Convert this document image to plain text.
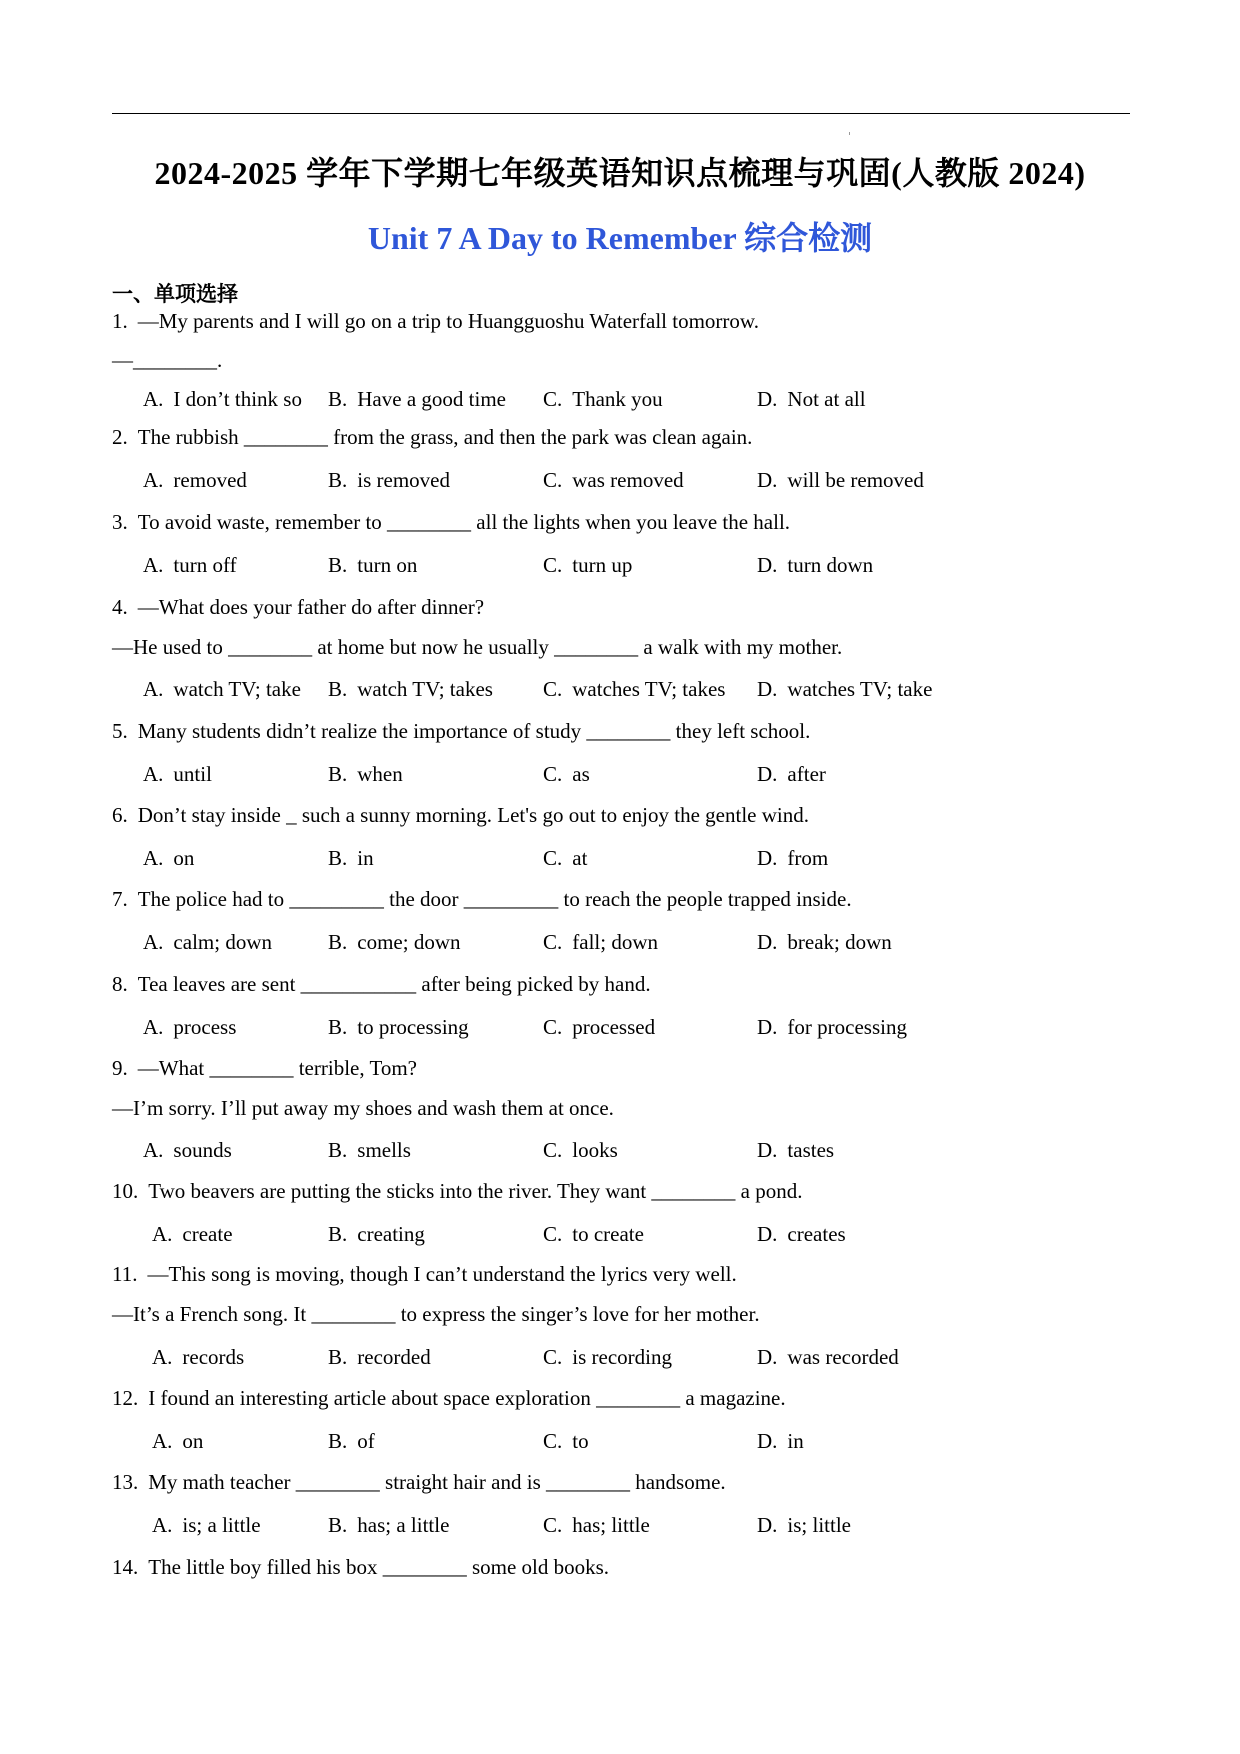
2024-2025 学年下学期七年级英语知识点梳理与巩固(人教版 2024)
Unit 7 A Day to Remember 综合检测
一、单项选择
1. —My parents and I will go on a trip to Huangguoshu Waterfall tomorrow.
—________.
A. I don’t think so B. Have a good time C. Thank you	D. Not at all
2. The rubbish ________ from the grass, and then the park was clean again.
A. removed	B. is removed	C. was removed	D. will be removed
3. To avoid waste, remember to ________ all the lights when you leave the hall.
A. turn off	B. turn on	C. turn up	D. turn down
4. —What does your father do after dinner?
—He used to ________ at home but now he usually ________ a walk with my mother.
A. watch TV; take B. watch TV; takes C. watches TV; takes D. watches TV; take
5. Many students didn’t realize the importance of study ________ they left school.
A. until	B. when	C. as	D. after
6. Don’t stay inside _ such a sunny morning. Let's go out to enjoy the gentle wind.
A. on	B. in	C. at	D. from
7. The police had to _________ the door _________ to reach the people trapped inside.
A. calm; down	B. come; down	C. fall; down	D. break; down
8. Tea leaves are sent ___________ after being picked by hand.
A. process	B. to processing	C. processed	D. for processing
9. —What ________ terrible, Tom?
—I’m sorry. I’ll put away my shoes and wash them at once.
A. sounds	B. smells	C. looks	D. tastes
10. Two beavers are putting the sticks into the river. They want ________ a pond.
A. create	B. creating	C. to create	D. creates
11. —This song is moving, though I can’t understand the lyrics very well.
—It’s a French song. It ________ to express the singer’s love for her mother.
A. records	B. recorded	C. is recording	D. was recorded
12. I found an interesting article about space exploration ________ a magazine.
A. on	B. of	C. to	D. in
13. My math teacher ________ straight hair and is ________ handsome.
A. is; a little	B. has; a little	C. has; little	D. is; little
14. The little boy filled his box ________ some old books.
